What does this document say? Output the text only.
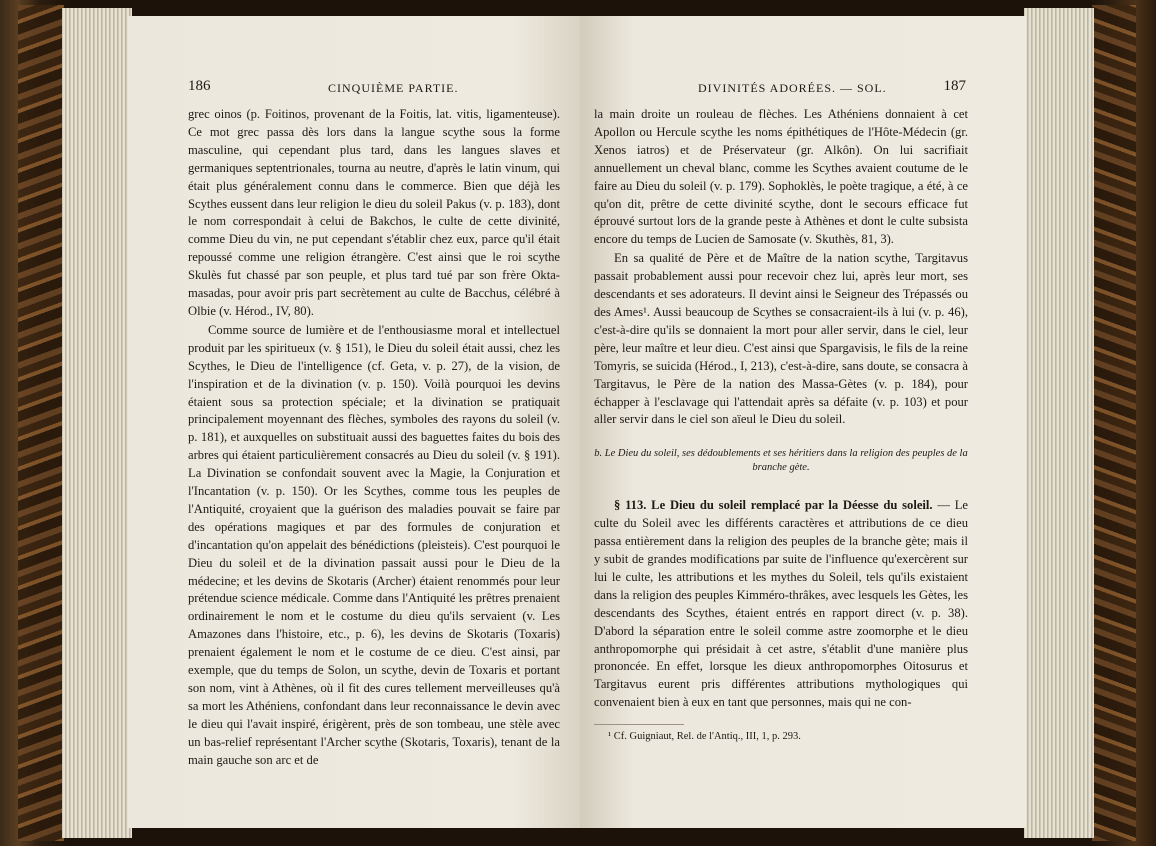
186	CINQUIÈME PARTIE.

grec oinos (p. Foitinos, provenant de la Foitis, lat. vitis, ligamenteuse). Ce mot grec passa dès lors dans la langue scythe sous la forme masculine, qui cependant plus tard, dans les langues slaves et germaniques septentrionales, tourna au neutre, d'après le latin vinum, qui était plus généralement connu dans le commerce. Bien que déjà les Scythes eussent dans leur religion le dieu du soleil Pakus (v. p. 183), dont le nom correspondait à celui de Bakchos, le culte de cette divinité, comme Dieu du vin, ne put cependant s'établir chez eux, parce qu'il était repoussé comme une religion étrangère. C'est ainsi que le roi scythe Skulès fut chassé par son peuple, et plus tard tué par son frère Okta-masadas, pour avoir pris part secrètement au culte de Bacchus, célébré à Olbie (v. Hérod., IV, 80).

Comme source de lumière et de l'enthousiasme moral et intellectuel produit par les spiritueux (v. § 151), le Dieu du soleil était aussi, chez les Scythes, le Dieu de l'intelligence (cf. Geta, v. p. 27), de la vision, de l'inspiration et de la divination (v. p. 150). Voilà pourquoi les devins étaient sous sa protection spéciale; et la divination se pratiquait principalement moyennant des flèches, symboles des rayons du soleil (v. p. 181), et auxquelles on substituait aussi des baguettes faites du bois des arbres qui étaient particulièrement consacrés au Dieu du soleil (v. § 191). La Divination se confondait souvent avec la Magie, la Conjuration et l'Incantation (v. p. 150). Or les Scythes, comme tous les peuples de l'Antiquité, croyaient que la guérison des maladies pouvait se faire par des opérations magiques et par des formules de conjuration et d'incantation qu'on appelait des bénédictions (pleisteis). C'est pourquoi le Dieu du soleil et de la divination passait aussi pour le Dieu de la médecine; et les devins de Skotaris (Archer) étaient renommés pour leur prétendue science médicale. Comme dans l'Antiquité les prêtres prenaient ordinairement le nom et le costume du dieu qu'ils servaient (v. Les Amazones dans l'histoire, etc., p. 6), les devins de Skotaris (Toxaris) prenaient également le nom et le costume de ce dieu. C'est ainsi, par exemple, que du temps de Solon, un scythe, devin de Toxaris et portant son nom, vint à Athènes, où il fit des cures tellement merveilleuses qu'à sa mort les Athéniens, confondant dans leur reconnaissance le devin avec le dieu qui l'avait inspiré, érigèrent, près de son tombeau, une stèle avec un bas-relief représentant l'Archer scythe (Skotaris, Toxaris), tenant de la main gauche son arc et de

DIVINITÉS ADORÉES. — SOL.	187

la main droite un rouleau de flèches. Les Athéniens donnaient à cet Apollon ou Hercule scythe les noms épithétiques de l'Hôte-Médecin (gr. Xenos iatros) et de Préservateur (gr. Alkôn). On lui sacrifiait annuellement un cheval blanc, comme les Scythes avaient coutume de le faire au Dieu du soleil (v. p. 179). Sophoklès, le poète tragique, a été, à ce qu'on dit, prêtre de cette divinité scythe, dont le secours efficace fut éprouvé surtout lors de la grande peste à Athènes et dont le culte subsista encore du temps de Lucien de Samosate (v. Skuthès, 81, 3).

En sa qualité de Père et de Maître de la nation scythe, Targitavus passait probablement aussi pour recevoir chez lui, après leur mort, ses descendants et ses adorateurs. Il devint ainsi le Seigneur des Trépassés ou des Ames¹. Aussi beaucoup de Scythes se consacraient-ils à lui (v. p. 46), c'est-à-dire qu'ils se donnaient la mort pour aller servir, dans le ciel, leur père, leur maître et leur dieu. C'est ainsi que Spargavisis, le fils de la reine Tomyris, se suicida (Hérod., I, 213), c'est-à-dire, sans doute, se consacra à Targitavus, le Père de la nation des Massa-Gètes (v. p. 184), pour échapper à l'esclavage qui l'attendait après sa défaite (v. p. 103) et pour aller servir dans le ciel son aïeul le Dieu du soleil.

b. Le Dieu du soleil, ses dédoublements et ses héritiers dans la religion des peuples de la branche gète.

§ 113. Le Dieu du soleil remplacé par la Déesse du soleil. — Le culte du Soleil avec les différents caractères et attributions de ce dieu passa entièrement dans la religion des peuples de la branche gète; mais il y subit de grandes modifications par suite de l'influence qu'exercèrent sur lui le culte, les attributions et les mythes du Soleil, tels qu'ils existaient dans la religion des peuples Kimméro-thrâkes, avec lesquels les Gètes, les descendants des Scythes, étaient entrés en rapport direct (v. p. 38). D'abord la séparation entre le soleil comme astre zoomorphe et le dieu anthropomorphe qui présidait à cet astre, s'établit d'une manière plus prononcée. En effet, lorsque les dieux anthropomorphes Oitosurus et Targitavus eurent pris différentes attributions mythologiques qui convenaient bien à eux en tant que personnes, mais qui ne con-

¹ Cf. Guigniaut, Rel. de l'Antiq., III, 1, p. 293.
